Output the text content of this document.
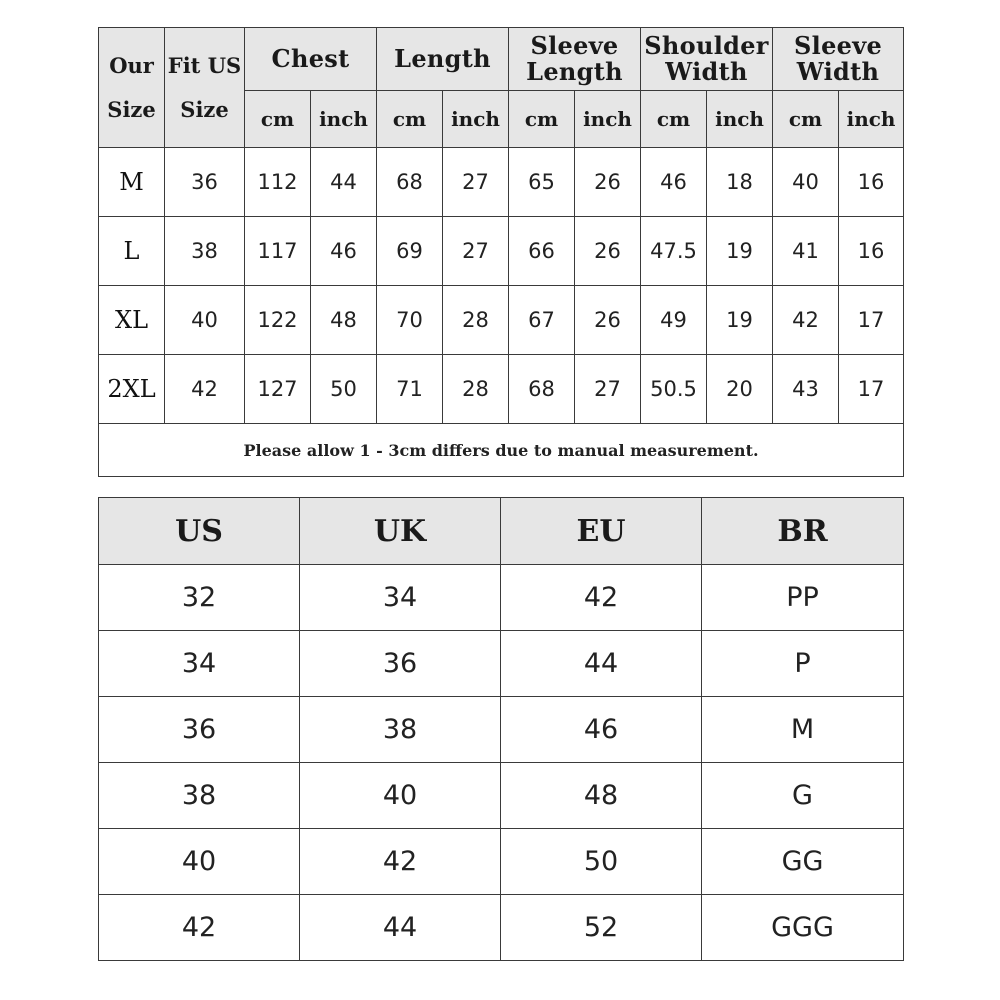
Our Size	Fit US Size	Chest		Length		Sleeve Length		Shoulder Width		Sleeve Width	
		cm	inch	cm	inch	cm	inch	cm	inch	cm	inch
M	36	112	44	68	27	65	26	46	18	40	16
L	38	117	46	69	27	66	26	47.5	19	41	16
XL	40	122	48	70	28	67	26	49	19	42	17
2XL	42	127	50	71	28	68	27	50.5	20	43	17
Please allow 1 - 3cm differs due to manual measurement.											
US	UK	EU	BR
32	34	42	PP
34	36	44	P
36	38	46	M
38	40	48	G
40	42	50	GG
42	44	52	GGG
